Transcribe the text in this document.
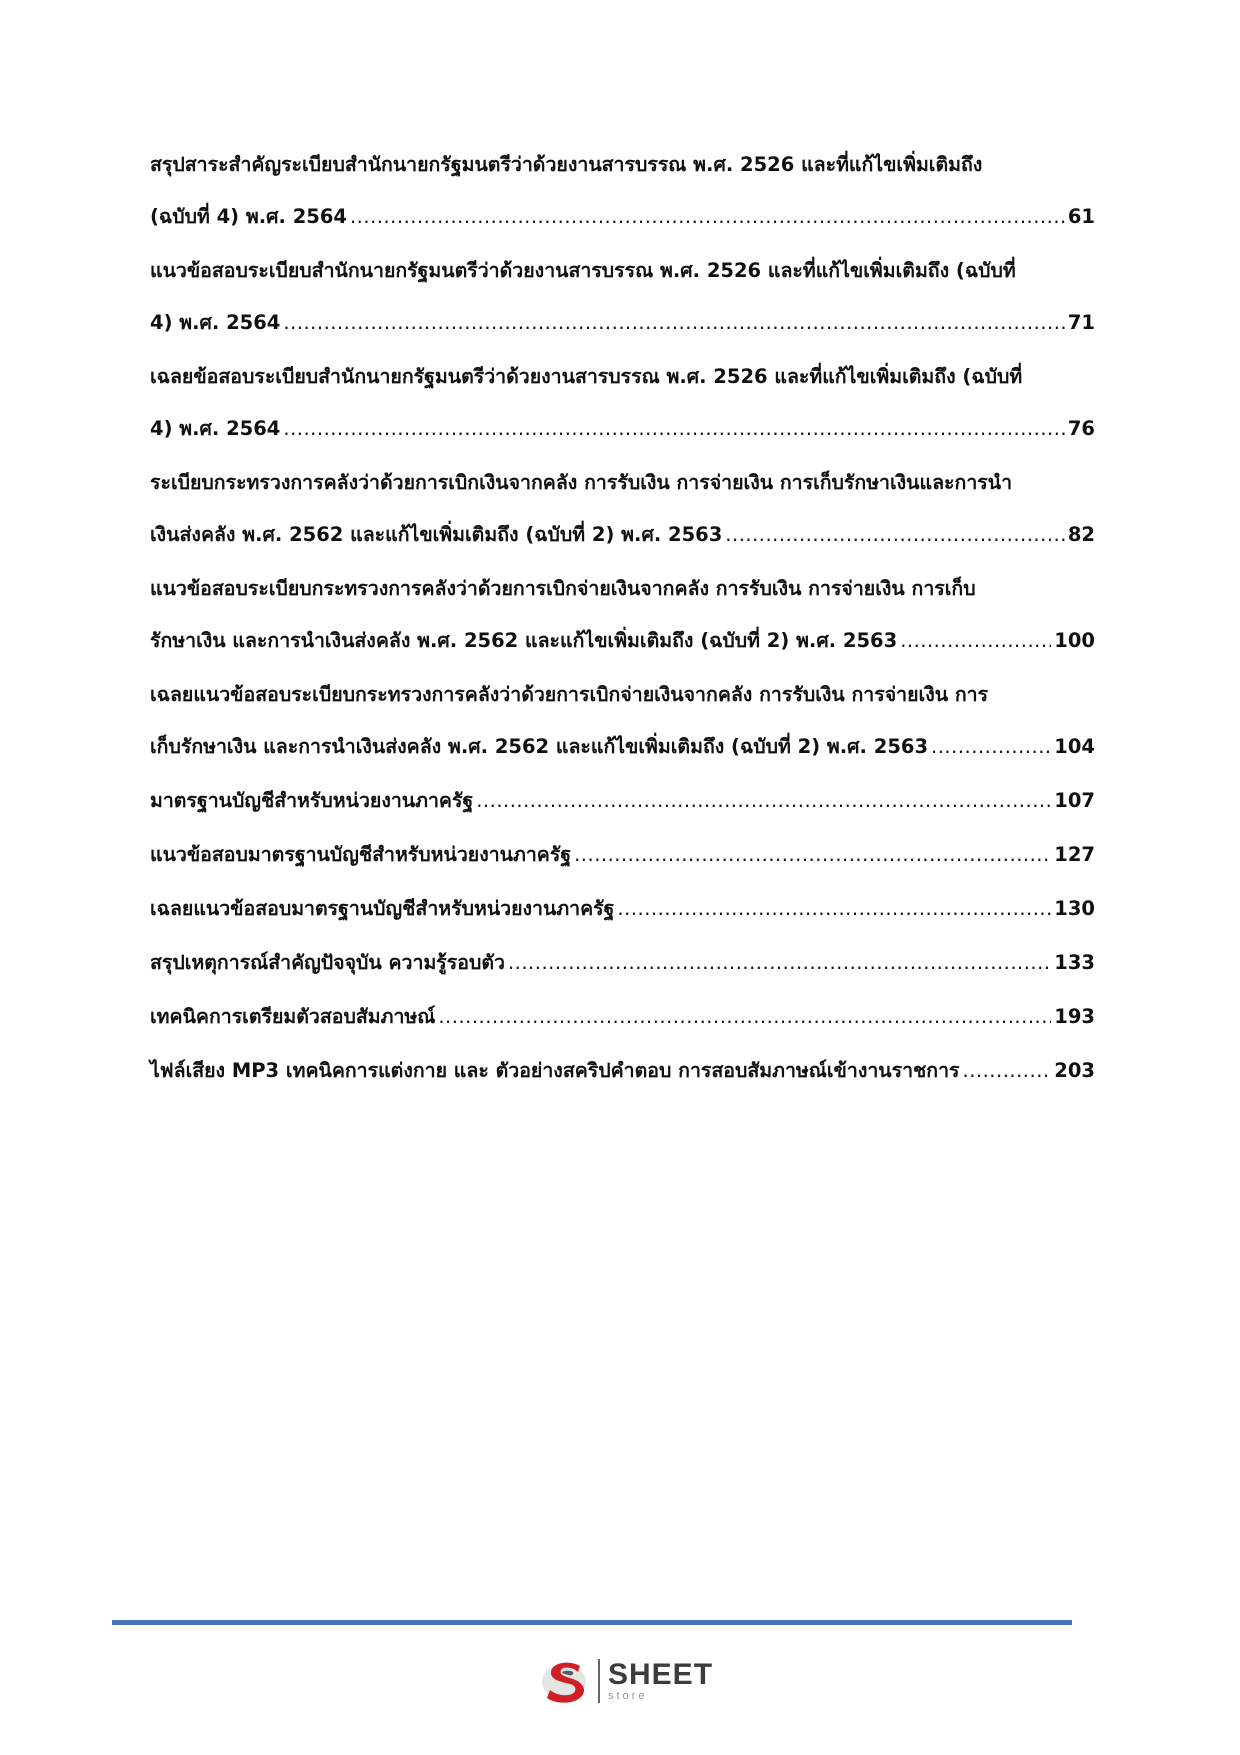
สรุปสาระสำคัญระเบียบสำนักนายกรัฐมนตรีว่าด้วยงานสารบรรณ พ.ศ. 2526 และที่แก้ไขเพิ่มเติมถึง
(ฉบับที่ 4) พ.ศ. 2564 .....	61
แนวข้อสอบระเบียบสำนักนายกรัฐมนตรีว่าด้วยงานสารบรรณ พ.ศ. 2526 และที่แก้ไขเพิ่มเติมถึง (ฉบับที่
4) พ.ศ. 2564 .....	71
เฉลยข้อสอบระเบียบสำนักนายกรัฐมนตรีว่าด้วยงานสารบรรณ พ.ศ. 2526 และที่แก้ไขเพิ่มเติมถึง (ฉบับที่
4) พ.ศ. 2564 .....	76
ระเบียบกระทรวงการคลังว่าด้วยการเบิกเงินจากคลัง การรับเงิน การจ่ายเงิน การเก็บรักษาเงินและการนำ
เงินส่งคลัง พ.ศ. 2562 และแก้ไขเพิ่มเติมถึง (ฉบับที่ 2) พ.ศ. 2563 .....	82
แนวข้อสอบระเบียบกระทรวงการคลังว่าด้วยการเบิกจ่ายเงินจากคลัง การรับเงิน การจ่ายเงิน การเก็บ
รักษาเงิน และการนำเงินส่งคลัง พ.ศ. 2562 และแก้ไขเพิ่มเติมถึง (ฉบับที่ 2) พ.ศ. 2563 .....	100
เฉลยแนวข้อสอบระเบียบกระทรวงการคลังว่าด้วยการเบิกจ่ายเงินจากคลัง การรับเงิน การจ่ายเงิน การ
เก็บรักษาเงิน และการนำเงินส่งคลัง พ.ศ. 2562 และแก้ไขเพิ่มเติมถึง (ฉบับที่ 2) พ.ศ. 2563 .....	104
มาตรฐานบัญชีสำหรับหน่วยงานภาครัฐ .....	107
แนวข้อสอบมาตรฐานบัญชีสำหรับหน่วยงานภาครัฐ .....	127
เฉลยแนวข้อสอบมาตรฐานบัญชีสำหรับหน่วยงานภาครัฐ .....	130
สรุปเหตุการณ์สำคัญปัจจุบัน ความรู้รอบตัว .....	133
เทคนิคการเตรียมตัวสอบสัมภาษณ์ .....	193
ไฟล์เสียง MP3 เทคนิคการแต่งกาย และ ตัวอย่างสคริปคำตอบ การสอบสัมภาษณ์เข้างานราชการ .....	203
SHEET
store
